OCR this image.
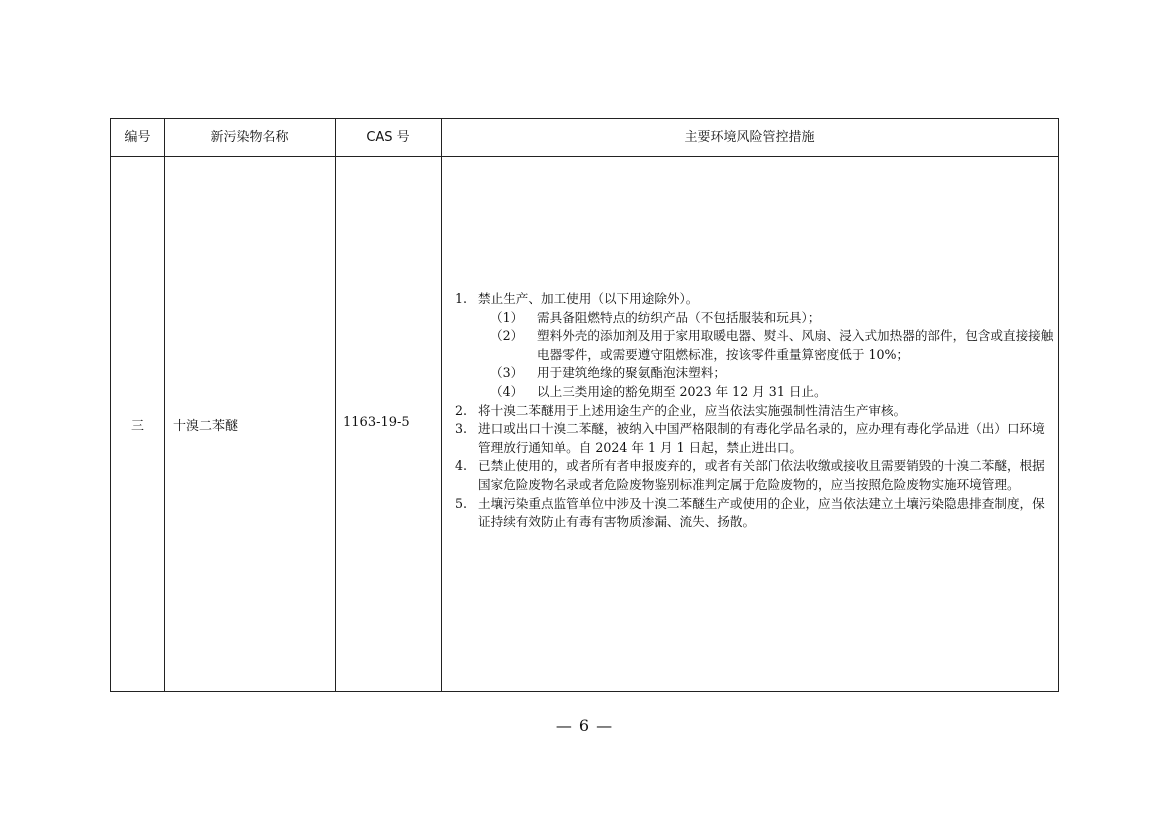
编号	新污染物名称	CAS 号	主要环境风险管控措施
三	十溴二苯醚	1163-19-5
1. 禁止生产、加工使用（以下用途除外）。
（1） 需具备阻燃特点的纺织产品（不包括服装和玩具）；
（2） 塑料外壳的添加剂及用于家用取暖电器、熨斗、风扇、浸入式加热器的部件，包含或直接接触电器零件，或需要遵守阻燃标准，按该零件重量算密度低于 10%；
（3） 用于建筑绝缘的聚氨酯泡沫塑料；
（4） 以上三类用途的豁免期至 2023 年 12 月 31 日止。
2. 将十溴二苯醚用于上述用途生产的企业，应当依法实施强制性清洁生产审核。
3. 进口或出口十溴二苯醚，被纳入中国严格限制的有毒化学品名录的，应办理有毒化学品进（出）口环境管理放行通知单。自 2024 年 1 月 1 日起，禁止进出口。
4. 已禁止使用的，或者所有者申报废弃的，或者有关部门依法收缴或接收且需要销毁的十溴二苯醚，根据国家危险废物名录或者危险废物鉴别标准判定属于危险废物的，应当按照危险废物实施环境管理。
5. 土壤污染重点监管单位中涉及十溴二苯醚生产或使用的企业，应当依法建立土壤污染隐患排查制度，保证持续有效防止有毒有害物质渗漏、流失、扬散。
— 6 —
